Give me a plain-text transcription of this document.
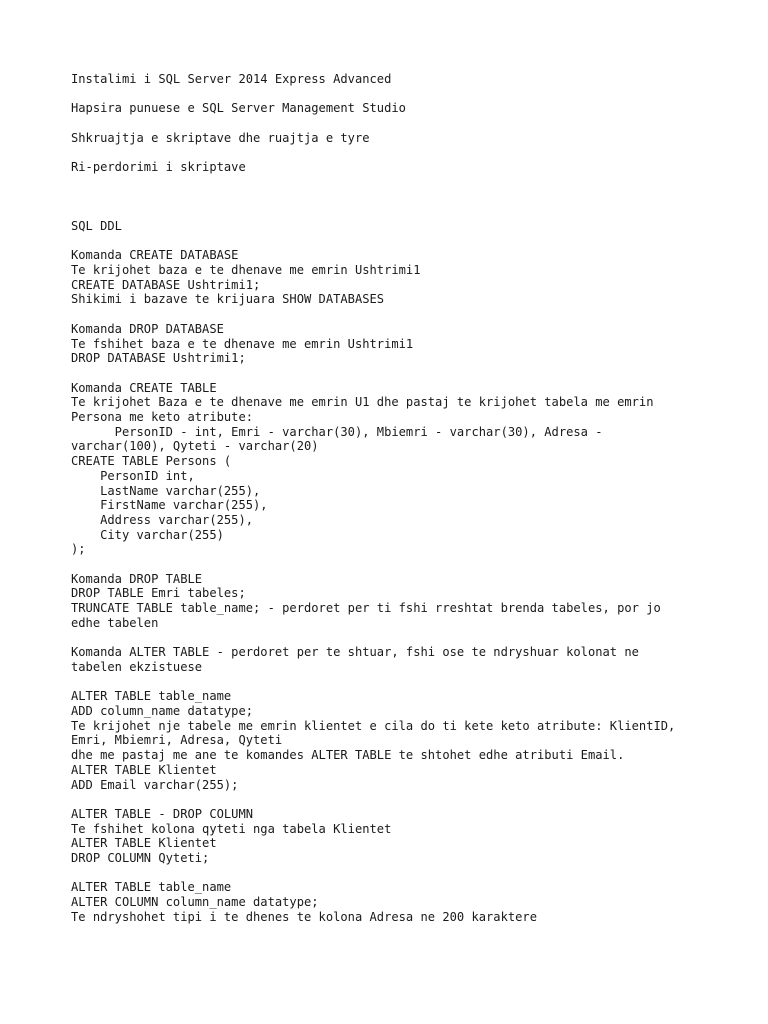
Instalimi i SQL Server 2014 Express Advanced
Hapsira punuese e SQL Server Management Studio
Shkruajtja e skriptave dhe ruajtja e tyre
Ri-perdorimi i skriptave
SQL DDL
Komanda CREATE DATABASE
Te krijohet baza e te dhenave me emrin Ushtrimi1
CREATE DATABASE Ushtrimi1;
Shikimi i bazave te krijuara SHOW DATABASES
Komanda DROP DATABASE
Te fshihet baza e te dhenave me emrin Ushtrimi1
DROP DATABASE Ushtrimi1;
Komanda CREATE TABLE
Te krijohet Baza e te dhenave me emrin U1 dhe pastaj te krijohet tabela me emrin
Persona me keto atribute:
PersonID - int, Emri - varchar(30), Mbiemri - varchar(30), Adresa -
varchar(100), Qyteti - varchar(20)
CREATE TABLE Persons (
PersonID int,
LastName varchar(255),
FirstName varchar(255),
Address varchar(255),
City varchar(255)
);
Komanda DROP TABLE
DROP TABLE Emri tabeles;
TRUNCATE TABLE table_name; - perdoret per ti fshi rreshtat brenda tabeles, por jo
edhe tabelen
Komanda ALTER TABLE - perdoret per te shtuar, fshi ose te ndryshuar kolonat ne
tabelen ekzistuese
ALTER TABLE table_name
ADD column_name datatype;
Te krijohet nje tabele me emrin klientet e cila do ti kete keto atribute: KlientID,
Emri, Mbiemri, Adresa, Qyteti
dhe me pastaj me ane te komandes ALTER TABLE te shtohet edhe atributi Email.
ALTER TABLE Klientet
ADD Email varchar(255);
ALTER TABLE - DROP COLUMN
Te fshihet kolona qyteti nga tabela Klientet
ALTER TABLE Klientet
DROP COLUMN Qyteti;
ALTER TABLE table_name
ALTER COLUMN column_name datatype;
Te ndryshohet tipi i te dhenes te kolona Adresa ne 200 karaktere
